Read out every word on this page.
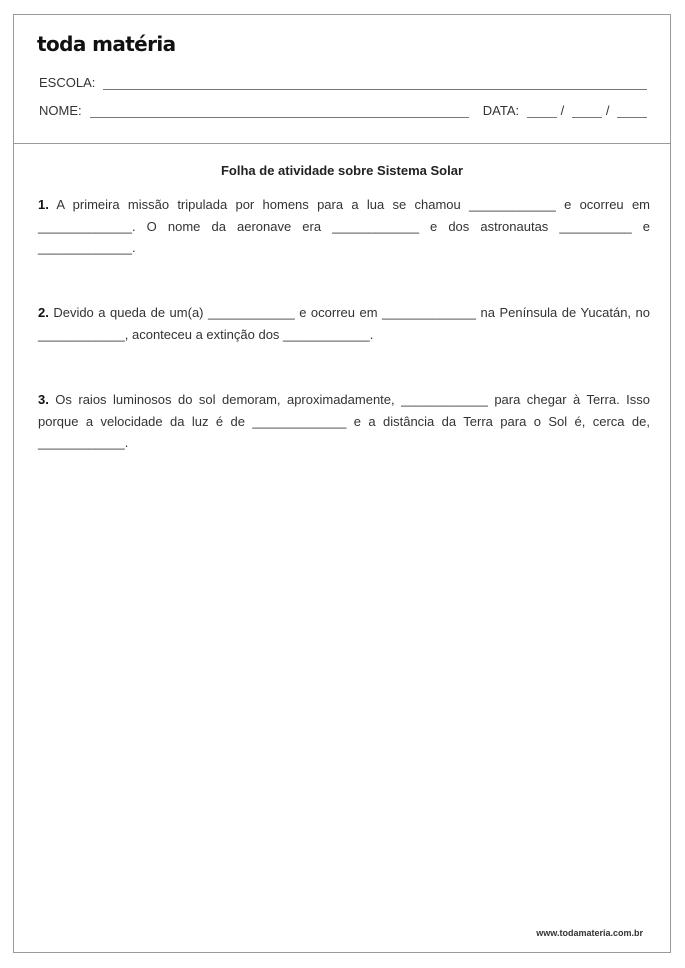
toda matéria
ESCOLA:
NOME:	DATA:	/	/
Folha de atividade sobre Sistema Solar
1. A primeira missão tripulada por homens para a lua se chamou ____________ e ocorreu em _____________. O nome da aeronave era ____________ e dos astronautas __________ e _____________.
2. Devido a queda de um(a) ____________ e ocorreu em _____________ na Península de Yucatán, no ____________, aconteceu a extinção dos ____________.
3. Os raios luminosos do sol demoram, aproximadamente, ____________ para chegar à Terra. Isso porque a velocidade da luz é de _____________ e a distância da Terra para o Sol é, cerca de, ____________.
www.todamateria.com.br
